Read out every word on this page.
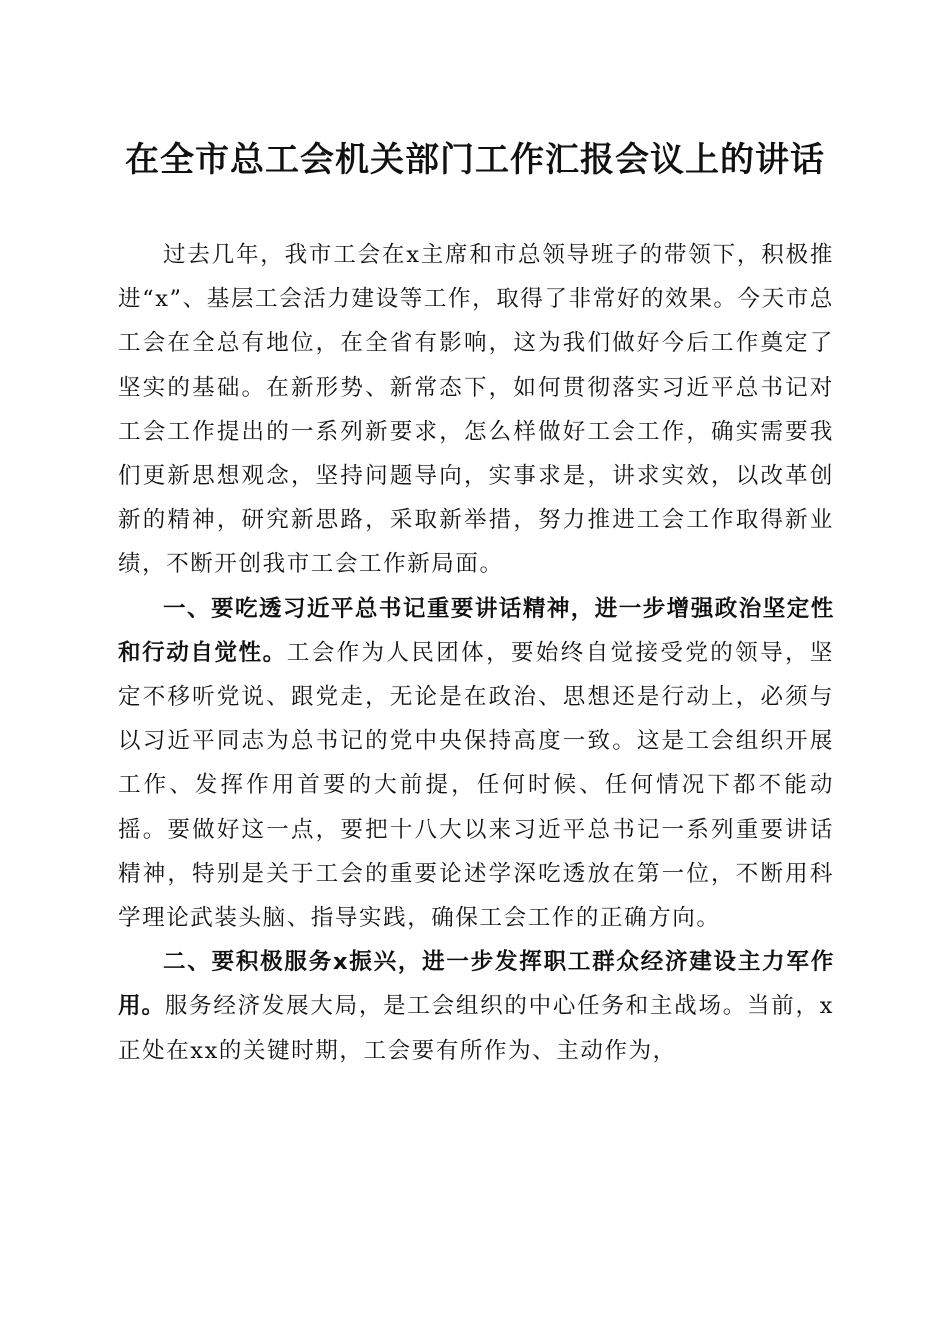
在全市总工会机关部门工作汇报会议上的讲话

过去几年，我市工会在x主席和市总领导班子的带领下，积极推进“x”、基层工会活力建设等工作，取得了非常好的效果。今天市总工会在全总有地位，在全省有影响，这为我们做好今后工作奠定了坚实的基础。在新形势、新常态下，如何贯彻落实习近平总书记对工会工作提出的一系列新要求，怎么样做好工会工作，确实需要我们更新思想观念，坚持问题导向，实事求是，讲求实效，以改革创新的精神，研究新思路，采取新举措，努力推进工会工作取得新业绩，不断开创我市工会工作新局面。

一、要吃透习近平总书记重要讲话精神，进一步增强政治坚定性和行动自觉性。工会作为人民团体，要始终自觉接受党的领导，坚定不移听党说、跟党走，无论是在政治、思想还是行动上，必须与以习近平同志为总书记的党中央保持高度一致。这是工会组织开展工作、发挥作用首要的大前提，任何时候、任何情况下都不能动摇。要做好这一点，要把十八大以来习近平总书记一系列重要讲话精神，特别是关于工会的重要论述学深吃透放在第一位，不断用科学理论武装头脑、指导实践，确保工会工作的正确方向。

二、要积极服务x振兴，进一步发挥职工群众经济建设主力军作用。服务经济发展大局，是工会组织的中心任务和主战场。当前，x正处在xx的关键时期，工会要有所作为、主动作为，
